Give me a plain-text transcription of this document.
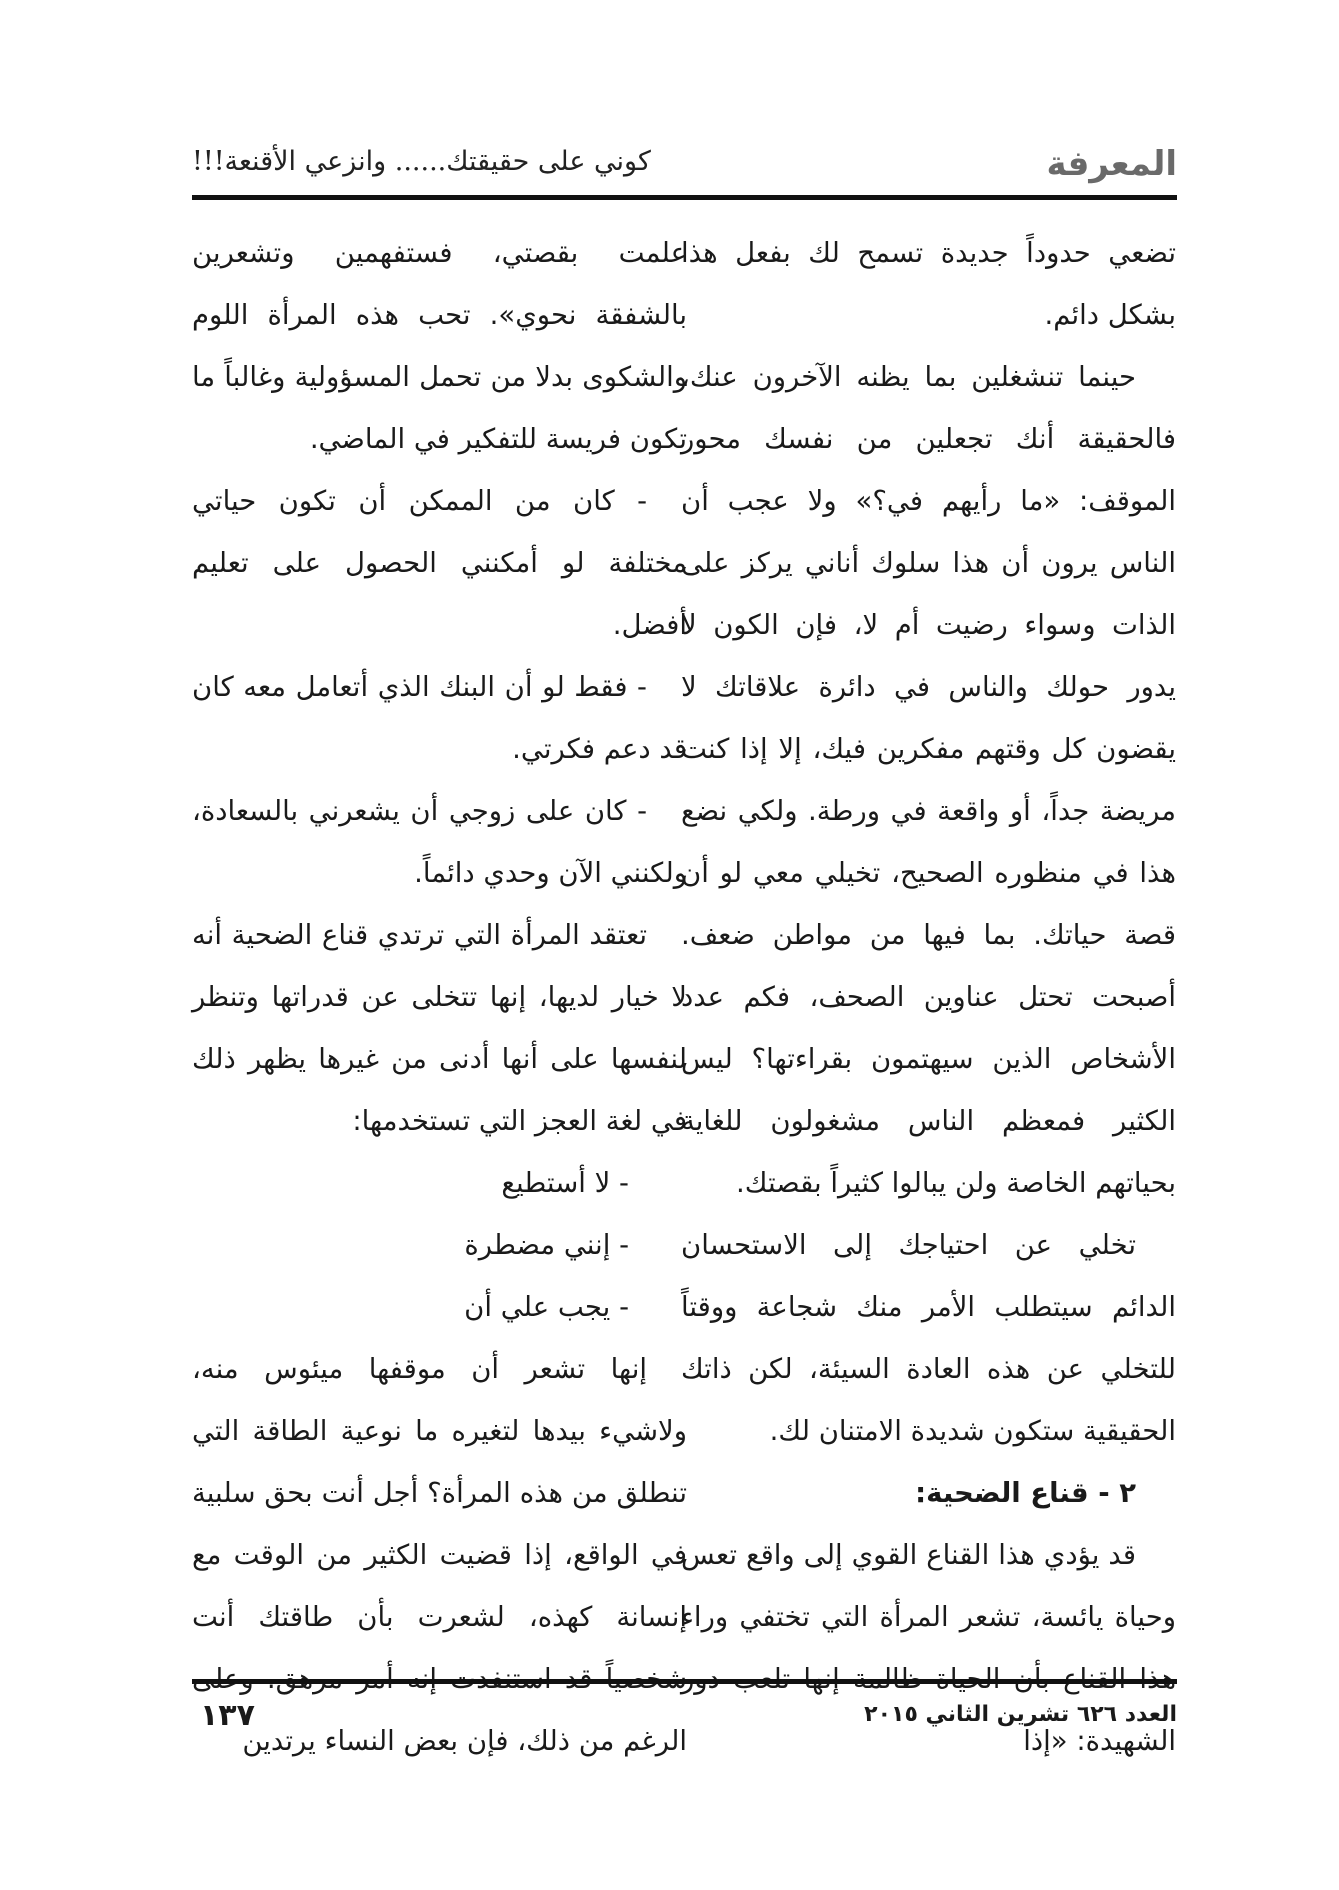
المعرفة
كوني على حقيقتك...... وانزعي الأقنعة!!!

تضعي حدوداً جديدة تسمح لك بفعل هذا بشكل دائم.

حينما تنشغلين بما يظنه الآخرون عنك، فالحقيقة أنك تجعلين من نفسك محور الموقف: «ما رأيهم في؟» ولا عجب أن الناس يرون أن هذا سلوك أناني يركز على الذات وسواء رضيت أم لا، فإن الكون لا يدور حولك والناس في دائرة علاقاتك لا يقضون كل وقتهم مفكرين فيك، إلا إذا كنت مريضة جداً، أو واقعة في ورطة. ولكي نضع هذا في منظوره الصحيح، تخيلي معي لو أن قصة حياتك. بما فيها من مواطن ضعف. أصبحت تحتل عناوين الصحف، فكم عدد الأشخاص الذين سيهتمون بقراءتها؟ ليس الكثير فمعظم الناس مشغولون للغاية بحياتهم الخاصة ولن يبالوا كثيراً بقصتك.

تخلي عن احتياجك إلى الاستحسان الدائم سيتطلب الأمر منك شجاعة ووقتاً للتخلي عن هذه العادة السيئة، لكن ذاتك الحقيقية ستكون شديدة الامتنان لك.

٢ - قناع الضحية:

قد يؤدي هذا القناع القوي إلى واقع تعس وحياة يائسة، تشعر المرأة التي تختفي وراء الشهيدة: «إذا

علمت بقصتي، فستفهمين وتشعرين بالشفقة نحوي». تحب هذه المرأة اللوم والشكوى بدلا من تحمل المسؤولية وغالباً ما تكون فريسة للتفكير في الماضي.

- كان من الممكن أن تكون حياتي مختلفة لو أمكنني الحصول على تعليم أفضل.

- فقط لو أن البنك الذي أتعامل معه كان قد دعم فكرتي.

- كان على زوجي أن يشعرني بالسعادة، ولكنني الآن وحدي دائماً.

تعتقد المرأة التي ترتدي قناع الضحية أنه لا خيار لديها، إنها تتخلى عن قدراتها وتنظر لنفسها على أنها أدنى من غيرها يظهر ذلك في لغة العجز التي تستخدمها:

- لا أستطيع

- إنني مضطرة

- يجب علي أن

إنها تشعر أن موقفها ميئوس منه، ولاشيء بيدها لتغيره ما نوعية الطاقة التي تنطلق من هذه المرأة؟ أجل أنت بحق سلبية في الواقع، إذا قضيت الكثير من الوقت مع إنسانة كهذه، لشعرت بأن طاقتك أنت الرغم من ذلك، فإن بعض النساء يرتدين

العدد ٦٢٦ تشرين الثاني ٢٠١٥
١٣٧
